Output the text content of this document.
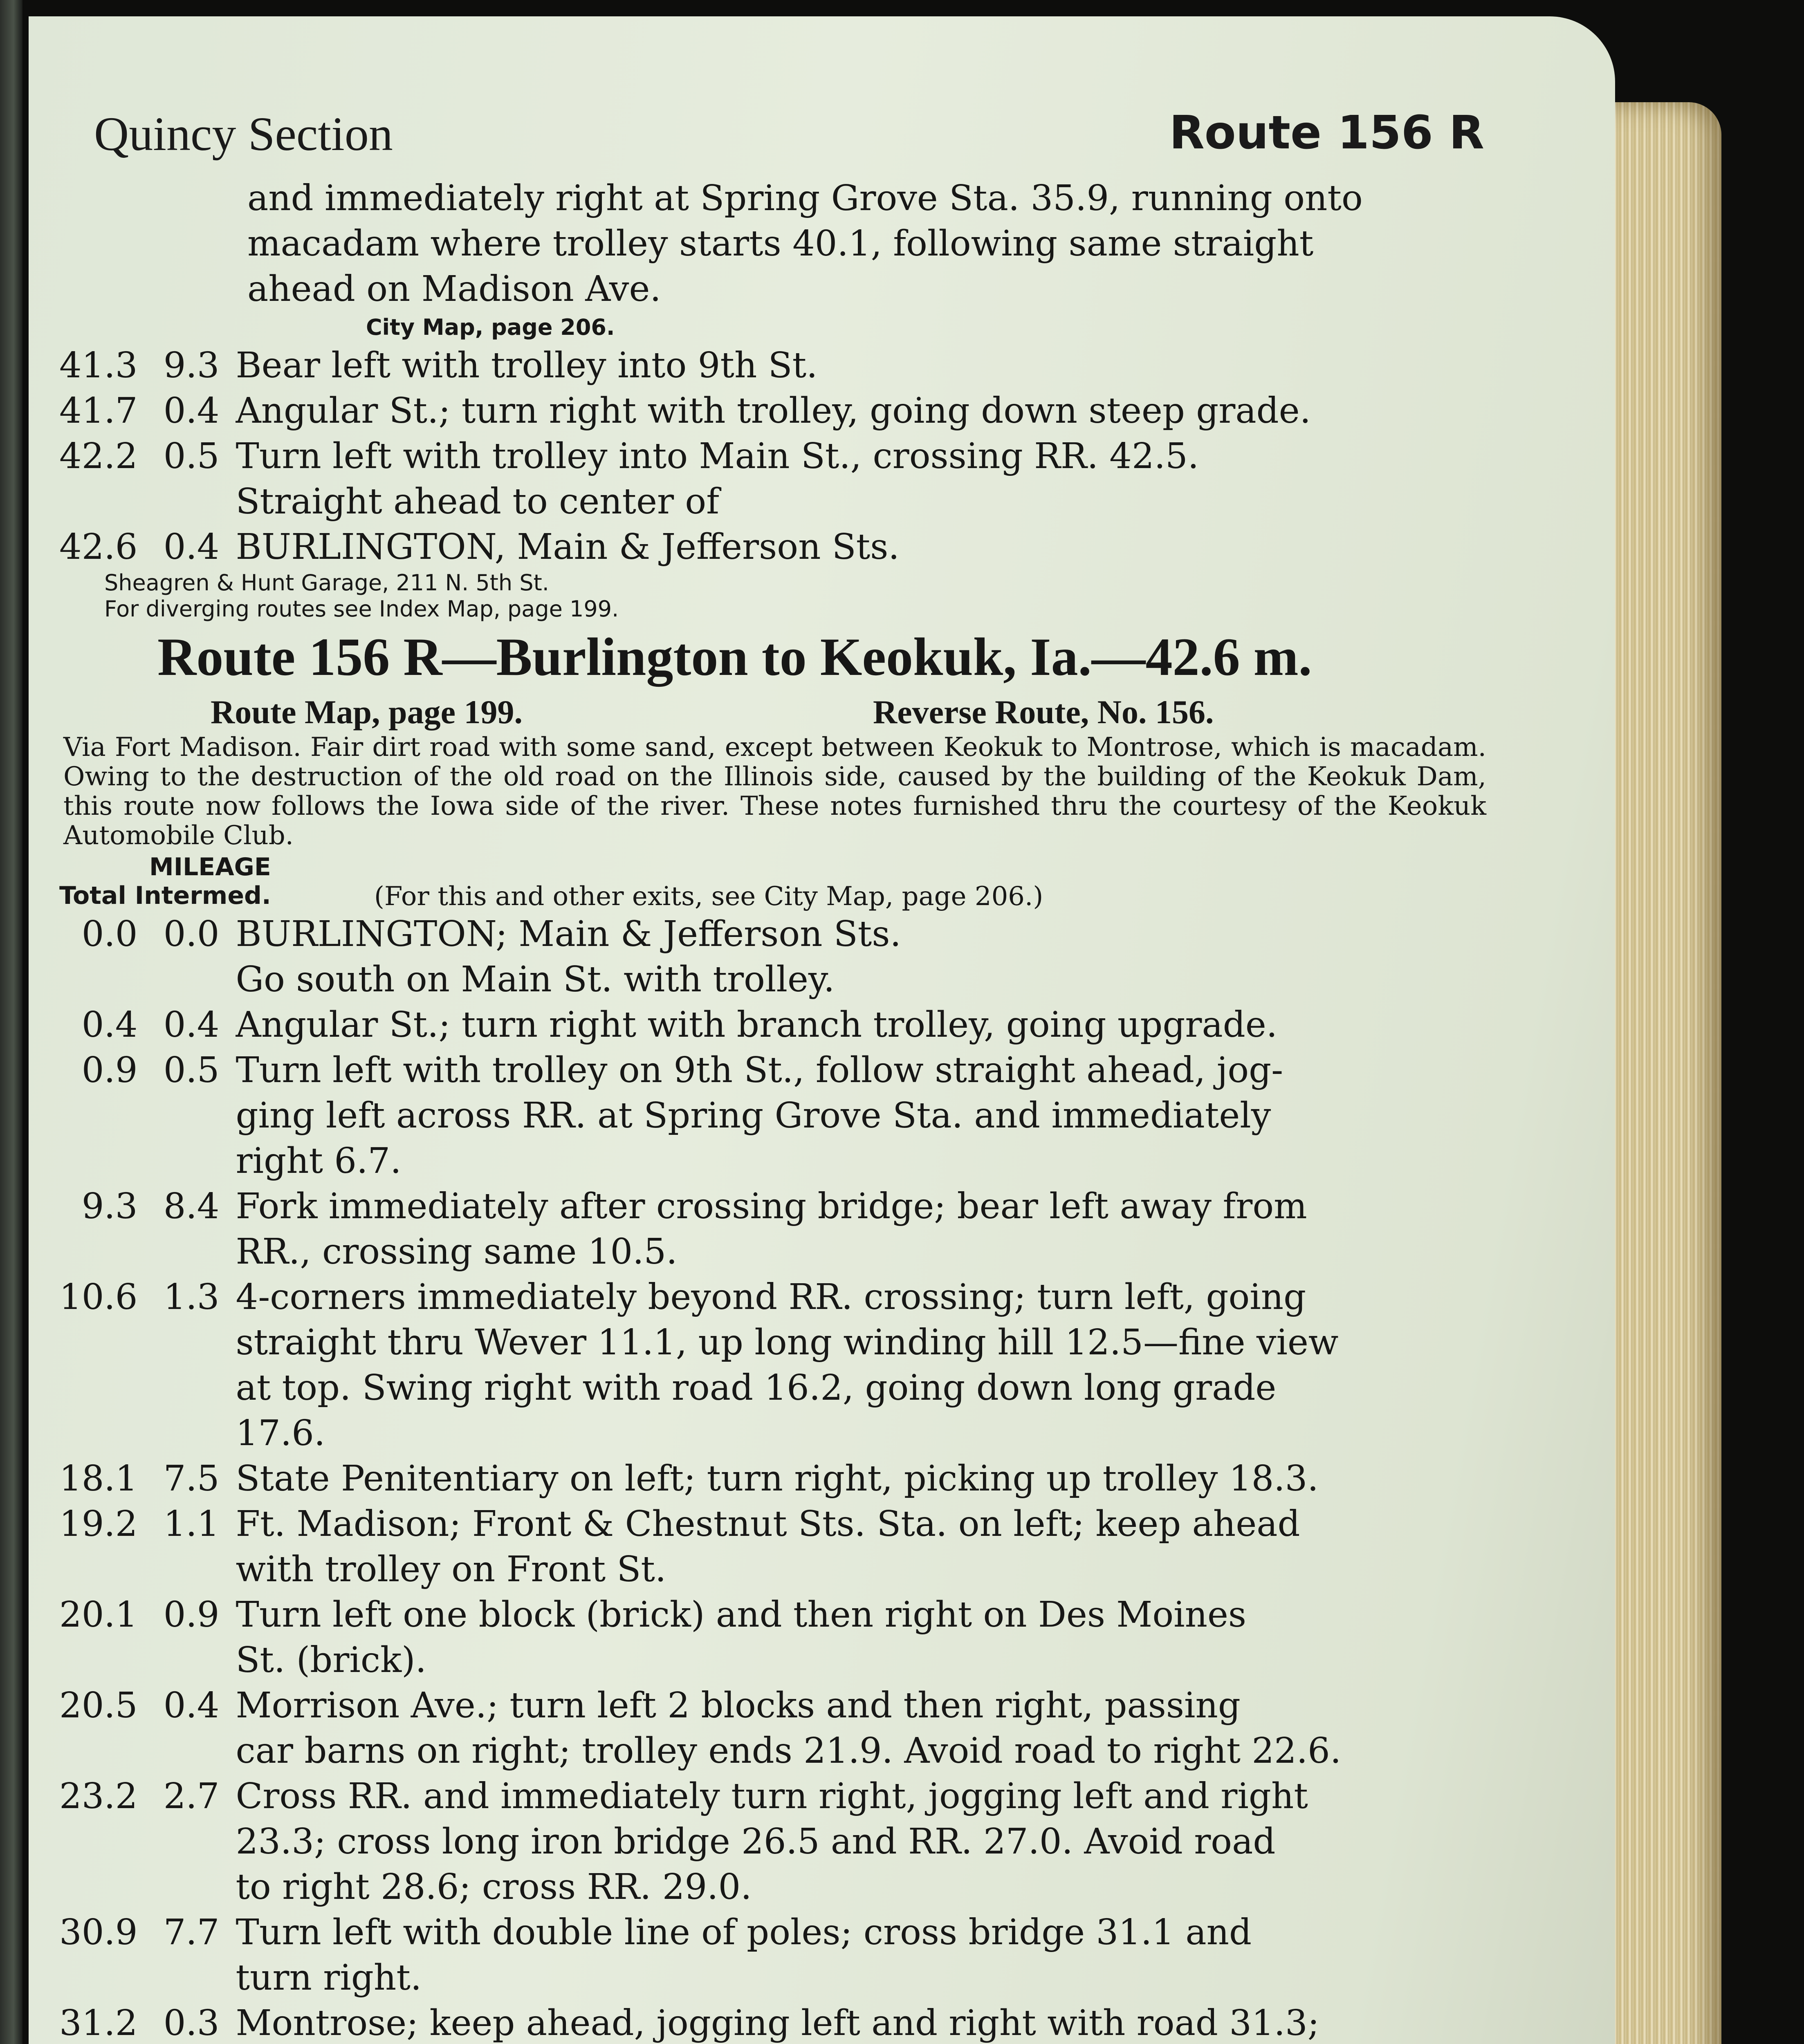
Quincy Section	Route 156 R
and immediately right at Spring Grove Sta. 35.9, running onto
macadam where trolley starts 40.1, following same straight
ahead on Madison Ave.
City Map, page 206.
41.3	9.3	Bear left with trolley into 9th St.
41.7	0.4	Angular St.; turn right with trolley, going down steep grade.
42.2	0.5	Turn left with trolley into Main St., crossing RR. 42.5.
Straight ahead to center of
42.6	0.4	BURLINGTON, Main & Jefferson Sts.
Sheagren & Hunt Garage, 211 N. 5th St.
For diverging routes see Index Map, page 199.
Route 156 R—Burlington to Keokuk, Ia.—42.6 m.
Route Map, page 199.	Reverse Route, No. 156.
Via Fort Madison. Fair dirt road with some sand, except between Keokuk to Montrose, which is macadam. Owing to the destruction of the old road on the Illinois side, caused by the building of the Keokuk Dam, this route now follows the Iowa side of the river. These notes furnished thru the courtesy of the Keokuk Automobile Club.
MILEAGE
Total Intermed.	(For this and other exits, see City Map, page 206.)
0.0	0.0	BURLINGTON; Main & Jefferson Sts.
Go south on Main St. with trolley.
0.4	0.4	Angular St.; turn right with branch trolley, going upgrade.
0.9	0.5	Turn left with trolley on 9th St., follow straight ahead, jog-
ging left across RR. at Spring Grove Sta. and immediately
right 6.7.
9.3	8.4	Fork immediately after crossing bridge; bear left away from
RR., crossing same 10.5.
10.6	1.3	4-corners immediately beyond RR. crossing; turn left, going
straight thru Wever 11.1, up long winding hill 12.5—fine view
at top. Swing right with road 16.2, going down long grade
17.6.
18.1	7.5	State Penitentiary on left; turn right, picking up trolley 18.3.
19.2	1.1	Ft. Madison; Front & Chestnut Sts. Sta. on left; keep ahead
with trolley on Front St.
20.1	0.9	Turn left one block (brick) and then right on Des Moines
St. (brick).
20.5	0.4	Morrison Ave.; turn left 2 blocks and then right, passing
car barns on right; trolley ends 21.9. Avoid road to right 22.6.
23.2	2.7	Cross RR. and immediately turn right, jogging left and right
23.3; cross long iron bridge 26.5 and RR. 27.0. Avoid road
to right 28.6; cross RR. 29.0.
30.9	7.7	Turn left with double line of poles; cross bridge 31.1 and
turn right.
31.2	0.3	Montrose; keep ahead, jogging left and right with road 31.3;
